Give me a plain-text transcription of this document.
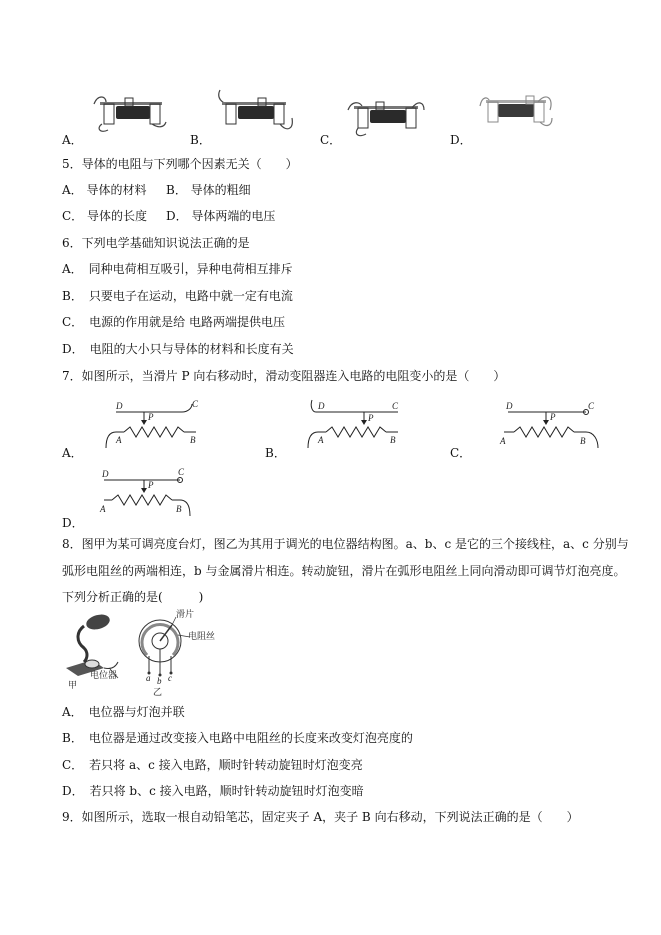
A．	B．	C．	D．
5．导体的电阻与下列哪个因素无关（　　）
A． 导体的材料 B． 导体的粗细
C． 导体的长度 D． 导体两端的电压
6．下列电学基础知识说法正确的是
A．　同种电荷相互吸引，异种电荷相互排斥
B．　只要电子在运动，电路中就一定有电流
C．　电源的作用就是给 电路两端提供电压
D．　电阻的大小只与导体的材料和长度有关
7．如图所示，当滑片 P 向右移动时，滑动变阻器连入电路的电阻变小的是（　　）
D	C
P
A	B
D	C
P
A	B
D	C
P
A	B
A．	B．	C．
D	C
P
A	B
D．
8．图甲为某可调亮度台灯，图乙为其用于调光的电位器结构图。a、b、c 是它的三个接线柱，a、c 分别与
弧形电阻丝的两端相连，b 与金属滑片相连。转动旋钮，滑片在弧形电阻丝上同向滑动即可调节灯泡亮度。
下列分析正确的是(　　　)
电位器
甲
滑片
电阻丝
a b c
乙
A．　电位器与灯泡并联
B．　电位器是通过改变接入电路中电阻丝的长度来改变灯泡亮度的
C．　若只将 a、c 接入电路，顺时针转动旋钮时灯泡变亮
D．　若只将 b、c 接入电路，顺时针转动旋钮时灯泡变暗
9．如图所示，选取一根自动铅笔芯，固定夹子 A，夹子 B 向右移动，下列说法正确的是（　　）
